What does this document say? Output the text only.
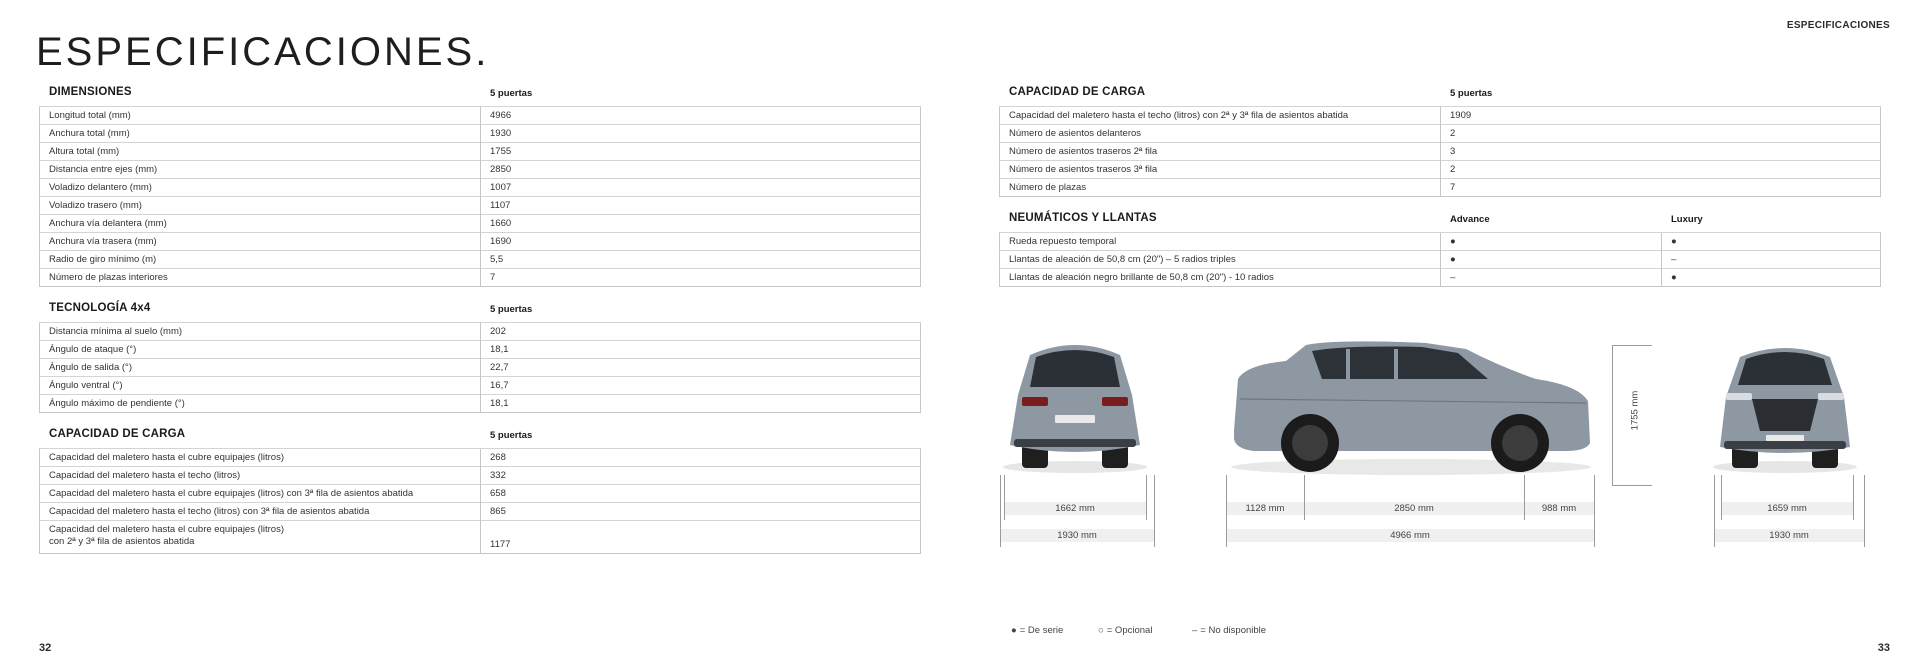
ESPECIFICACIONES.
ESPECIFICACIONES
DIMENSIONES	5 puertas
Longitud total (mm)	4966
Anchura total (mm)	1930
Altura total (mm)	1755
Distancia entre ejes (mm)	2850
Voladizo delantero (mm)	1007
Voladizo trasero (mm)	1107
Anchura vía delantera (mm)	1660
Anchura vía trasera (mm)	1690
Radio de giro mínimo (m)	5,5
Número de plazas interiores	7
TECNOLOGÍA 4x4	5 puertas
Distancia mínima al suelo (mm)	202
Ángulo de ataque (°)	18,1
Ángulo de salida (°)	22,7
Ángulo ventral (°)	16,7
Ángulo máximo de pendiente (°)	18,1
CAPACIDAD DE CARGA	5 puertas
Capacidad del maletero hasta el cubre equipajes (litros)	268
Capacidad del maletero hasta el techo (litros)	332
Capacidad del maletero hasta el cubre equipajes (litros) con 3ª fila de asientos abatida	658
Capacidad del maletero hasta el techo (litros) con 3ª fila de asientos abatida	865

Capacidad del maletero hasta el cubre equipajes (litros)
con 2ª y 3ª fila de asientos abatida	1177
CAPACIDAD DE CARGA	5 puertas
Capacidad del maletero hasta el techo (litros) con 2ª y 3ª fila de asientos abatida	1909
Número de asientos delanteros	2
Número de asientos traseros 2ª fila	3
Número de asientos traseros 3ª fila	2
Número de plazas	7
NEUMÁTICOS Y LLANTAS	Advance	Luxury
Rueda repuesto temporal	●	●
Llantas de aleación de 50,8 cm (20") – 5 radios triples	●	–
Llantas de aleación negro brillante de 50,8 cm (20") - 10 radios	–	●
1755 mm
1662 mm
1930 mm
1128 mm	2850 mm	988 mm
4966 mm
1659 mm
1930 mm
● = De serie	○ = Opcional	– = No disponible
32	33
